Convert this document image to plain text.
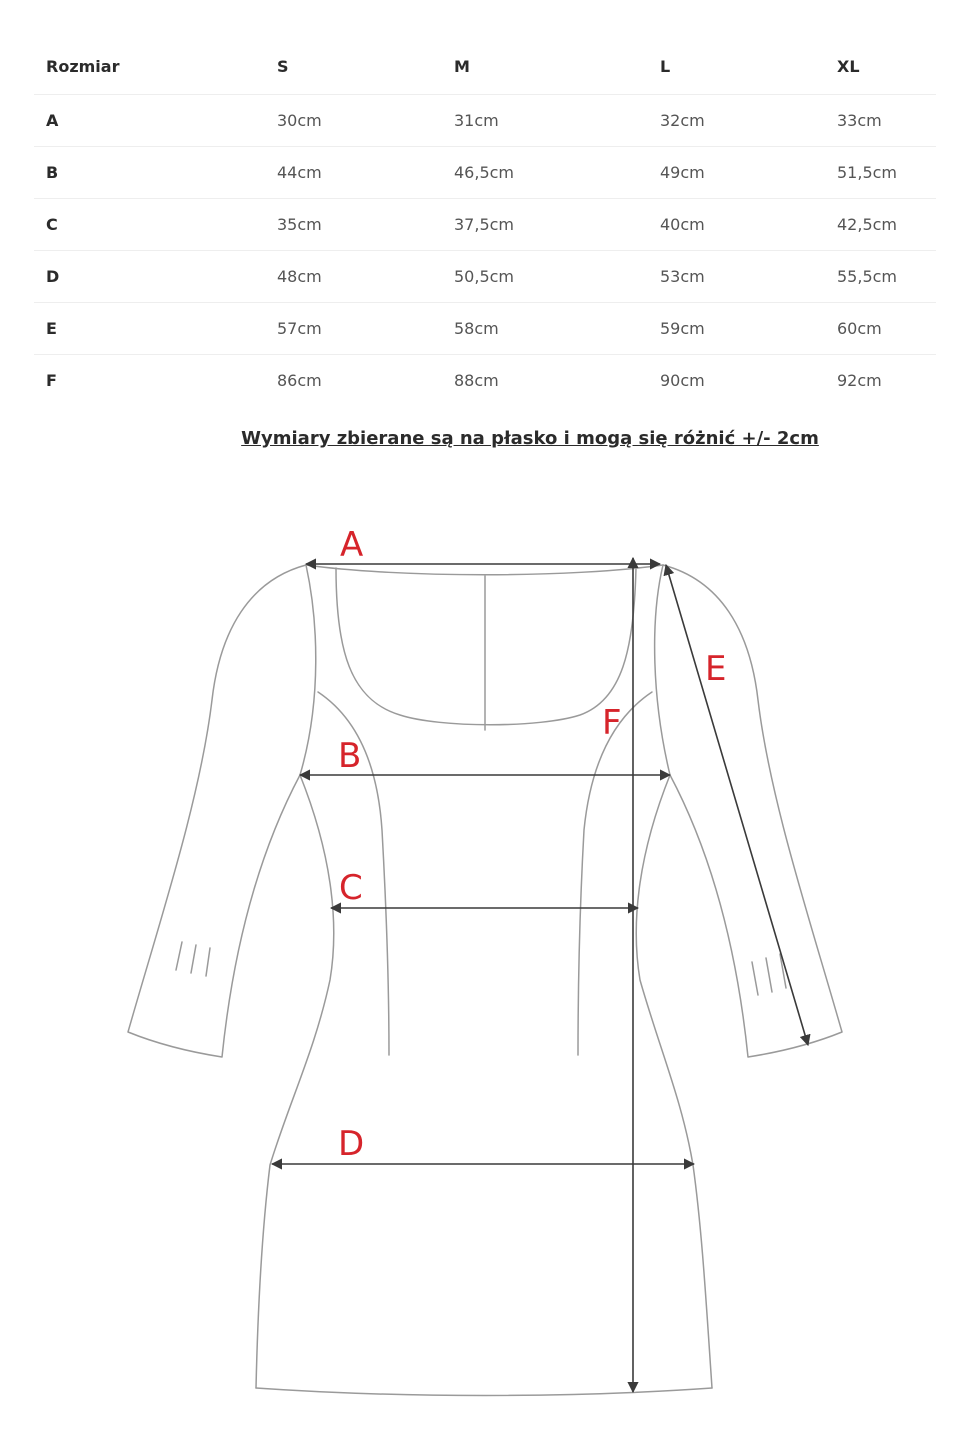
Rozmiar	S	M	L	XL
A	30cm	31cm	32cm	33cm
B	44cm	46,5cm	49cm	51,5cm
C	35cm	37,5cm	40cm	42,5cm
D	48cm	50,5cm	53cm	55,5cm
E	57cm	58cm	59cm	60cm
F	86cm	88cm	90cm	92cm
Wymiary zbierane są na płasko i mogą się różnić +/- 2cm
A
B
C
D
E
F
